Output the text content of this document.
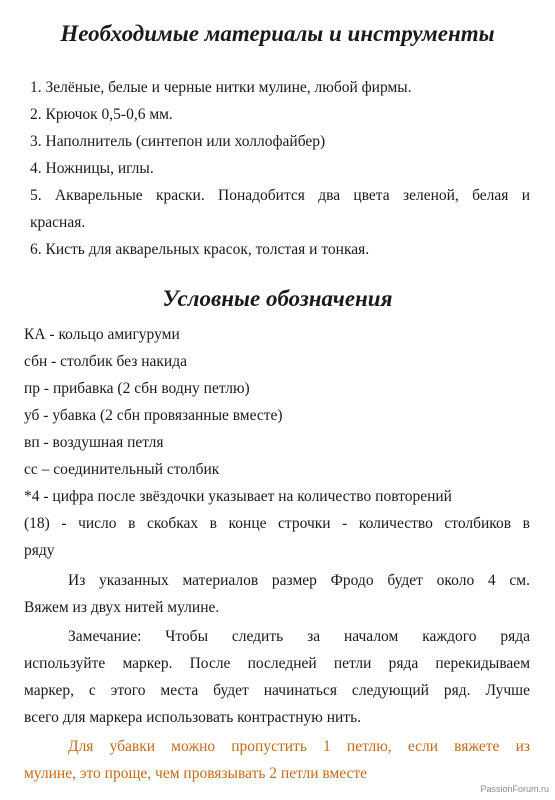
Необходимые материалы и инструменты
1. Зелёные, белые и черные нитки мулине, любой фирмы.
2. Крючок 0,5-0,6 мм.
3. Наполнитель (синтепон или холлофайбер)
4. Ножницы, иглы.
5. Акварельные краски. Понадобится два цвета зеленой, белая и
красная.
6. Кисть для акварельных красок, толстая и тонкая.
Условные обозначения
КА - кольцо амигуруми
сбн - столбик без накида
пр - прибавка (2 сбн водну петлю)
уб - убавка (2 сбн провязанные вместе)
вп - воздушная петля
сс – соединительный столбик
*4 - цифра после звёздочки указывает на количество повторений
(18) - число в скобках в конце строчки - количество столбиков в
ряду
Из указанных материалов размер Фродо будет около 4 см.
Вяжем из двух нитей мулине.
Замечание: Чтобы следить за началом каждого ряда
используйте маркер. После последней петли ряда перекидываем
маркер, с этого места будет начинаться следующий ряд. Лучше
всего для маркера использовать контрастную нить.
Для убавки можно пропустить 1 петлю, если вяжете из
мулине, это проще, чем провязывать 2 петли вместе
PassionForum.ru
